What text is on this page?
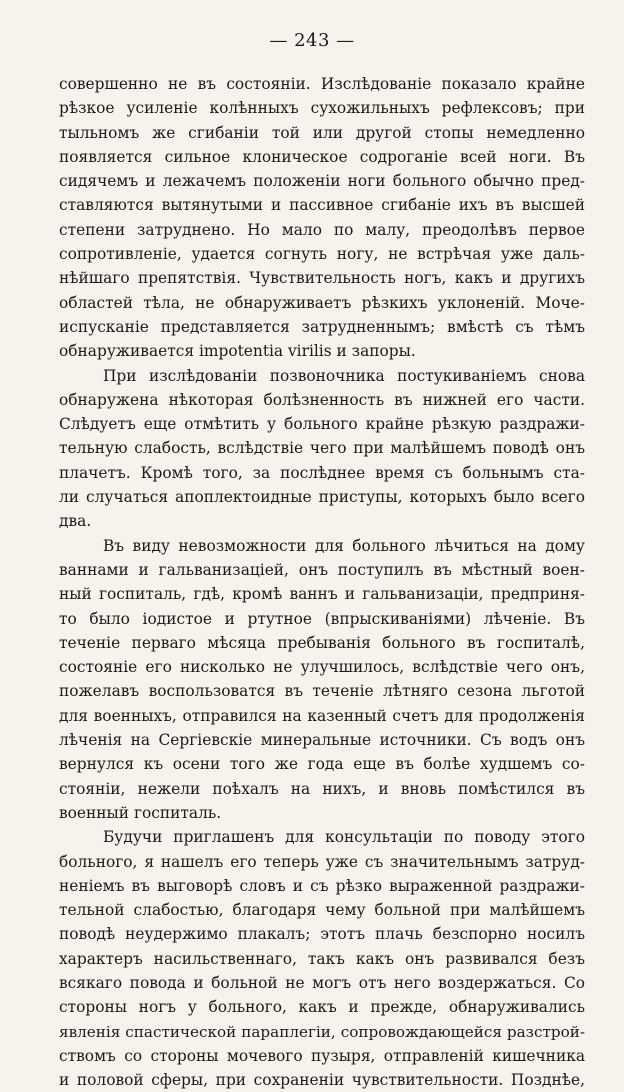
— 243 —
совершенно не въ состояніи. Изслѣдованіе показало крайне
рѣзкое усиленіе колѣнныхъ сухожильныхъ рефлексовъ; при
тыльномъ же сгибаніи той или другой стопы немедленно
появляется сильное клоническое содроганіе всей ноги. Въ
сидячемъ и лежачемъ положеніи ноги больного обычно пред-
ставляются вытянутыми и пассивное сгибаніе ихъ въ высшей
степени затруднено. Но мало по малу, преодолѣвъ первое
сопротивленіе, удается согнуть ногу, не встрѣчая уже даль-
нѣйшаго препятствія. Чувствительность ногъ, какъ и другихъ
областей тѣла, не обнаруживаетъ рѣзкихъ уклоненій. Моче-
испусканіе представляется затрудненнымъ; вмѣстѣ съ тѣмъ
обнаруживается impotentia virilis и запоры.
При изслѣдованіи позвоночника постукиваніемъ снова
обнаружена нѣкоторая болѣзненность въ нижней его части.
Слѣдуетъ еще отмѣтить у больного крайне рѣзкую раздражи-
тельную слабость, вслѣдствіе чего при малѣйшемъ поводѣ онъ
плачетъ. Кромѣ того, за послѣднее время съ больнымъ ста-
ли случаться апоплектоидные приступы, которыхъ было всего
два.
Въ виду невозможности для больного лѣчиться на дому
ваннами и гальванизаціей, онъ поступилъ въ мѣстный воен-
ный госпиталь, гдѣ, кромѣ ваннъ и гальванизаціи, предприня-
то было іодистое и ртутное (впрыскиваніями) лѣченіе. Въ
теченіе перваго мѣсяца пребыванія больного въ госпиталѣ,
состояніе его нисколько не улучшилось, вслѣдствіе чего онъ,
пожелавъ воспользоватся въ теченіе лѣтняго сезона льготой
для военныхъ, отправился на казенный счетъ для продолженія
лѣченія на Сергіевскіе минеральные источники. Съ водъ онъ
вернулся къ осени того же года еще въ болѣе худшемъ со-
стояніи, нежели поѣхалъ на нихъ, и вновь помѣстился въ
военный госпиталь.
Будучи приглашенъ для консультаціи по поводу этого
больного, я нашелъ его теперь уже съ значительнымъ затруд-
неніемъ въ выговорѣ словъ и съ рѣзко выраженной раздражи-
тельной слабостью, благодаря чему больной при малѣйшемъ
поводѣ неудержимо плакалъ; этотъ плачь безспорно носилъ
характеръ насильственнаго, такъ какъ онъ развивался безъ
всякаго повода и больной не могъ отъ него воздержаться. Со
стороны ногъ у больного, какъ и прежде, обнаруживались
явленія спастической параплегіи, сопровождающейся разстрой-
ствомъ со стороны мочевого пузыря, отправленій кишечника
и половой сферы, при сохраненіи чувствительности. Позднѣе,
